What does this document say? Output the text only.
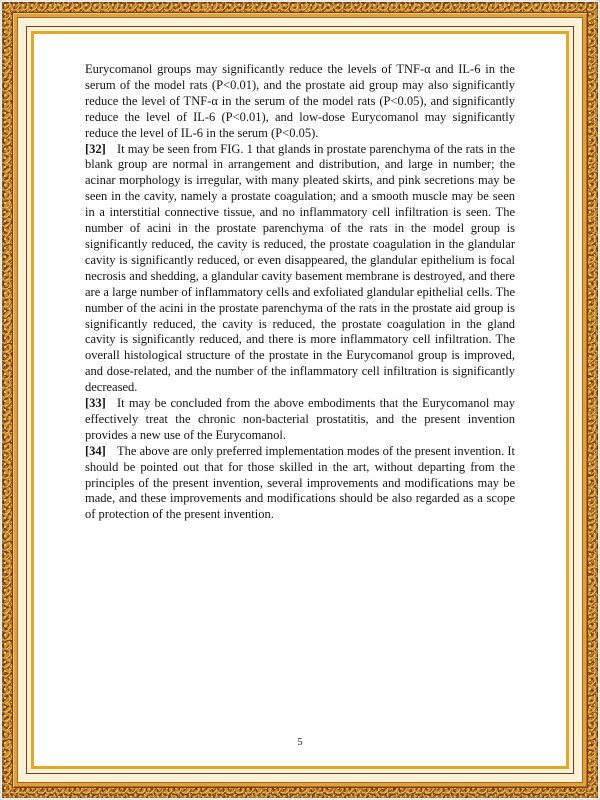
Eurycomanol groups may significantly reduce the levels of TNF-α and IL-6 in the serum of the model rats (P<0.01), and the prostate aid group may also significantly reduce the level of TNF-α in the serum of the model rats (P<0.05), and significantly reduce the level of IL-6 (P<0.01), and low-dose Eurycomanol may significantly reduce the level of IL-6 in the serum (P<0.05).

[32] It may be seen from FIG. 1 that glands in prostate parenchyma of the rats in the blank group are normal in arrangement and distribution, and large in number; the acinar morphology is irregular, with many pleated skirts, and pink secretions may be seen in the cavity, namely a prostate coagulation; and a smooth muscle may be seen in a interstitial connective tissue, and no inflammatory cell infiltration is seen. The number of acini in the prostate parenchyma of the rats in the model group is significantly reduced, the cavity is reduced, the prostate coagulation in the glandular cavity is significantly reduced, or even disappeared, the glandular epithelium is focal necrosis and shedding, a glandular cavity basement membrane is destroyed, and there are a large number of inflammatory cells and exfoliated glandular epithelial cells. The number of the acini in the prostate parenchyma of the rats in the prostate aid group is significantly reduced, the cavity is reduced, the prostate coagulation in the gland cavity is significantly reduced, and there is more inflammatory cell infiltration. The overall histological structure of the prostate in the Eurycomanol group is improved, and dose-related, and the number of the inflammatory cell infiltration is significantly decreased.

[33] It may be concluded from the above embodiments that the Eurycomanol may effectively treat the chronic non-bacterial prostatitis, and the present invention provides a new use of the Eurycomanol.

[34] The above are only preferred implementation modes of the present invention. It should be pointed out that for those skilled in the art, without departing from the principles of the present invention, several improvements and modifications may be made, and these improvements and modifications should be also regarded as a scope of protection of the present invention.

5
